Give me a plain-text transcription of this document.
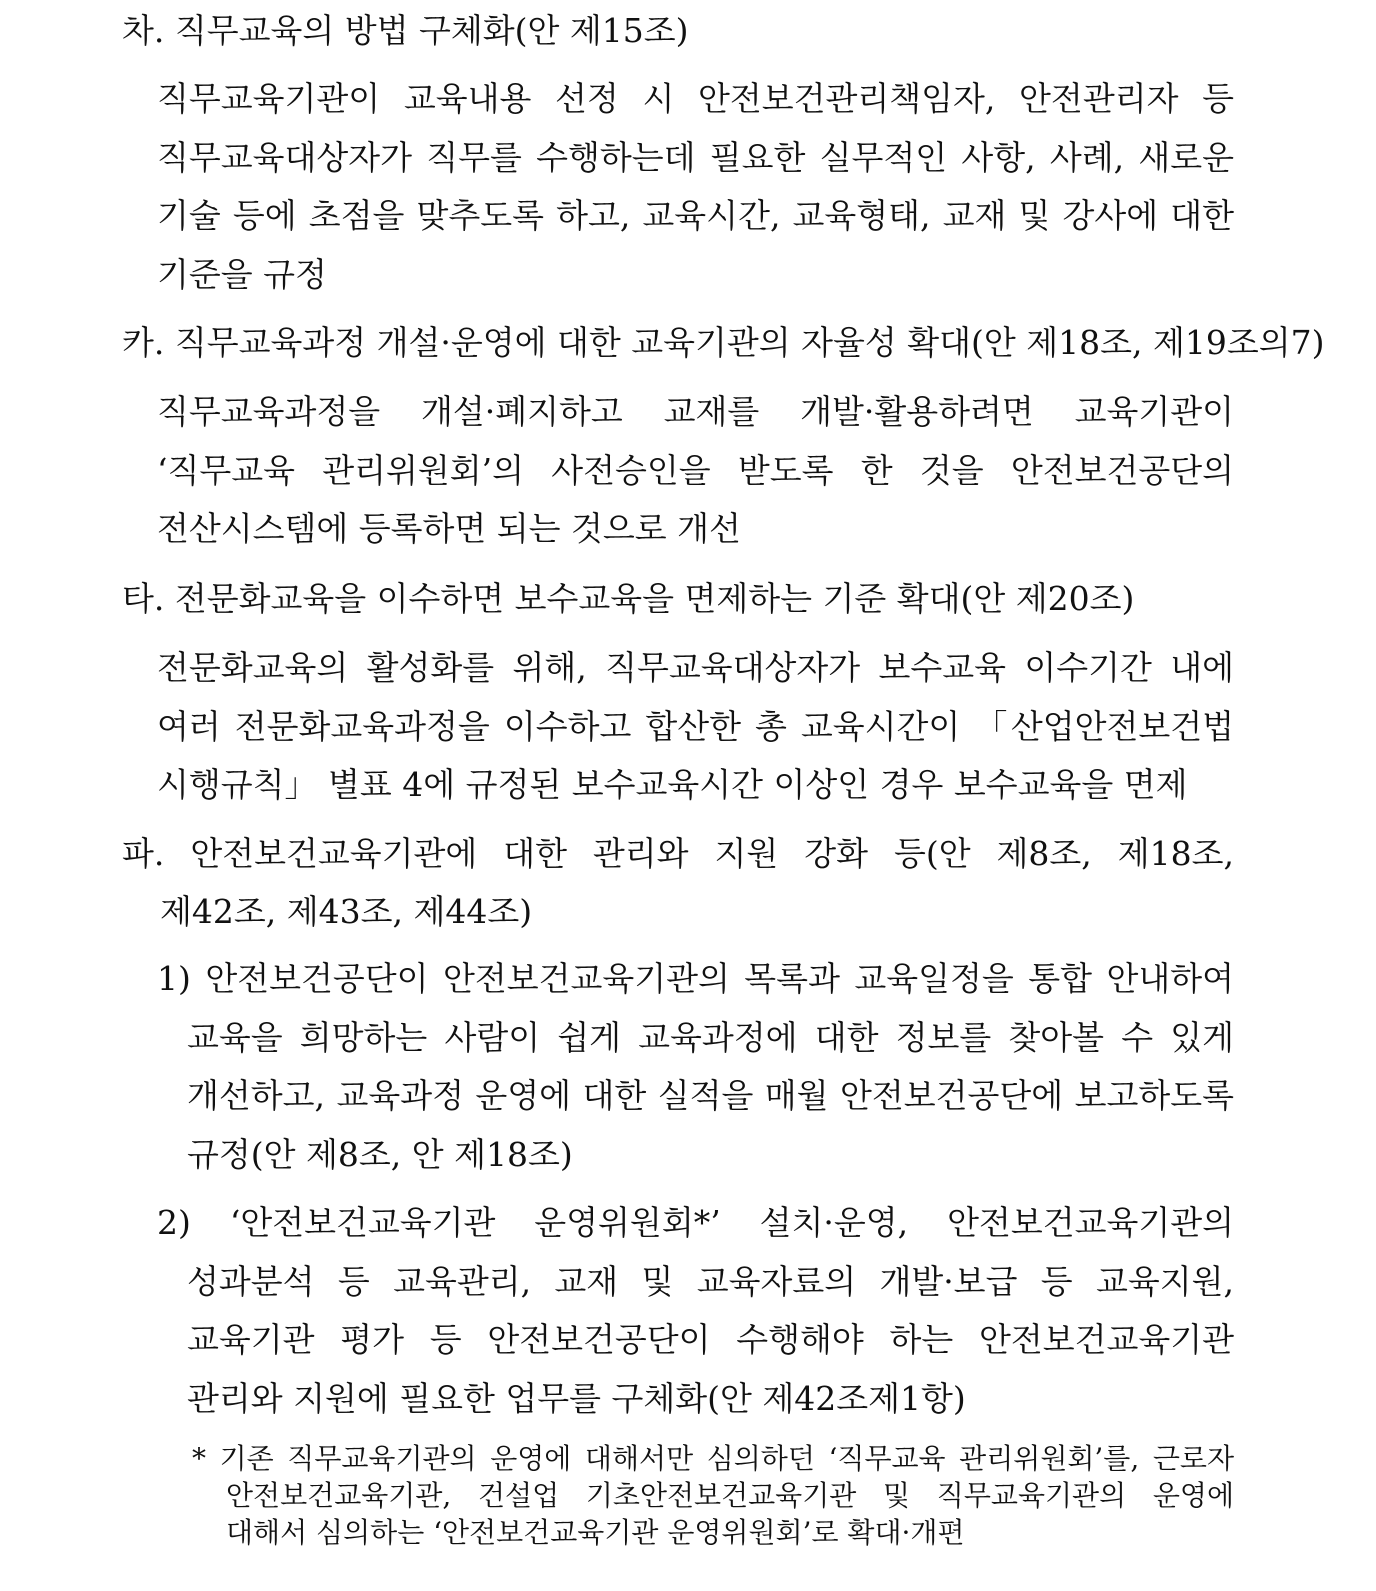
차. 직무교육의 방법 구체화(안 제15조)
직무교육기관이 교육내용 선정 시 안전보건관리책임자, 안전관리자 등 직무교육대상자가 직무를 수행하는데 필요한 실무적인 사항, 사례, 새로운 기술 등에 초점을 맞추도록 하고, 교육시간, 교육형태, 교재 및 강사에 대한 기준을 규정
카. 직무교육과정 개설·운영에 대한 교육기관의 자율성 확대(안 제18조, 제19조의7)
직무교육과정을 개설·폐지하고 교재를 개발·활용하려면 교육기관이 ‘직무교육 관리위원회’의 사전승인을 받도록 한 것을 안전보건공단의 전산시스템에 등록하면 되는 것으로 개선
타. 전문화교육을 이수하면 보수교육을 면제하는 기준 확대(안 제20조)
전문화교육의 활성화를 위해, 직무교육대상자가 보수교육 이수기간 내에 여러 전문화교육과정을 이수하고 합산한 총 교육시간이 「산업안전보건법 시행규칙」 별표 4에 규정된 보수교육시간 이상인 경우 보수교육을 면제
파. 안전보건교육기관에 대한 관리와 지원 강화 등(안 제8조, 제18조, 제42조, 제43조, 제44조)
1) 안전보건공단이 안전보건교육기관의 목록과 교육일정을 통합 안내하여 교육을 희망하는 사람이 쉽게 교육과정에 대한 정보를 찾아볼 수 있게 개선하고, 교육과정 운영에 대한 실적을 매월 안전보건공단에 보고하도록 규정(안 제8조, 안 제18조)
2) ‘안전보건교육기관 운영위원회*’ 설치·운영, 안전보건교육기관의 성과분석 등 교육관리, 교재 및 교육자료의 개발·보급 등 교육지원, 교육기관 평가 등 안전보건공단이 수행해야 하는 안전보건교육기관 관리와 지원에 필요한 업무를 구체화(안 제42조제1항)
* 기존 직무교육기관의 운영에 대해서만 심의하던 ‘직무교육 관리위원회’를, 근로자 안전보건교육기관, 건설업 기초안전보건교육기관 및 직무교육기관의 운영에 대해서 심의하는 ‘안전보건교육기관 운영위원회’로 확대·개편
